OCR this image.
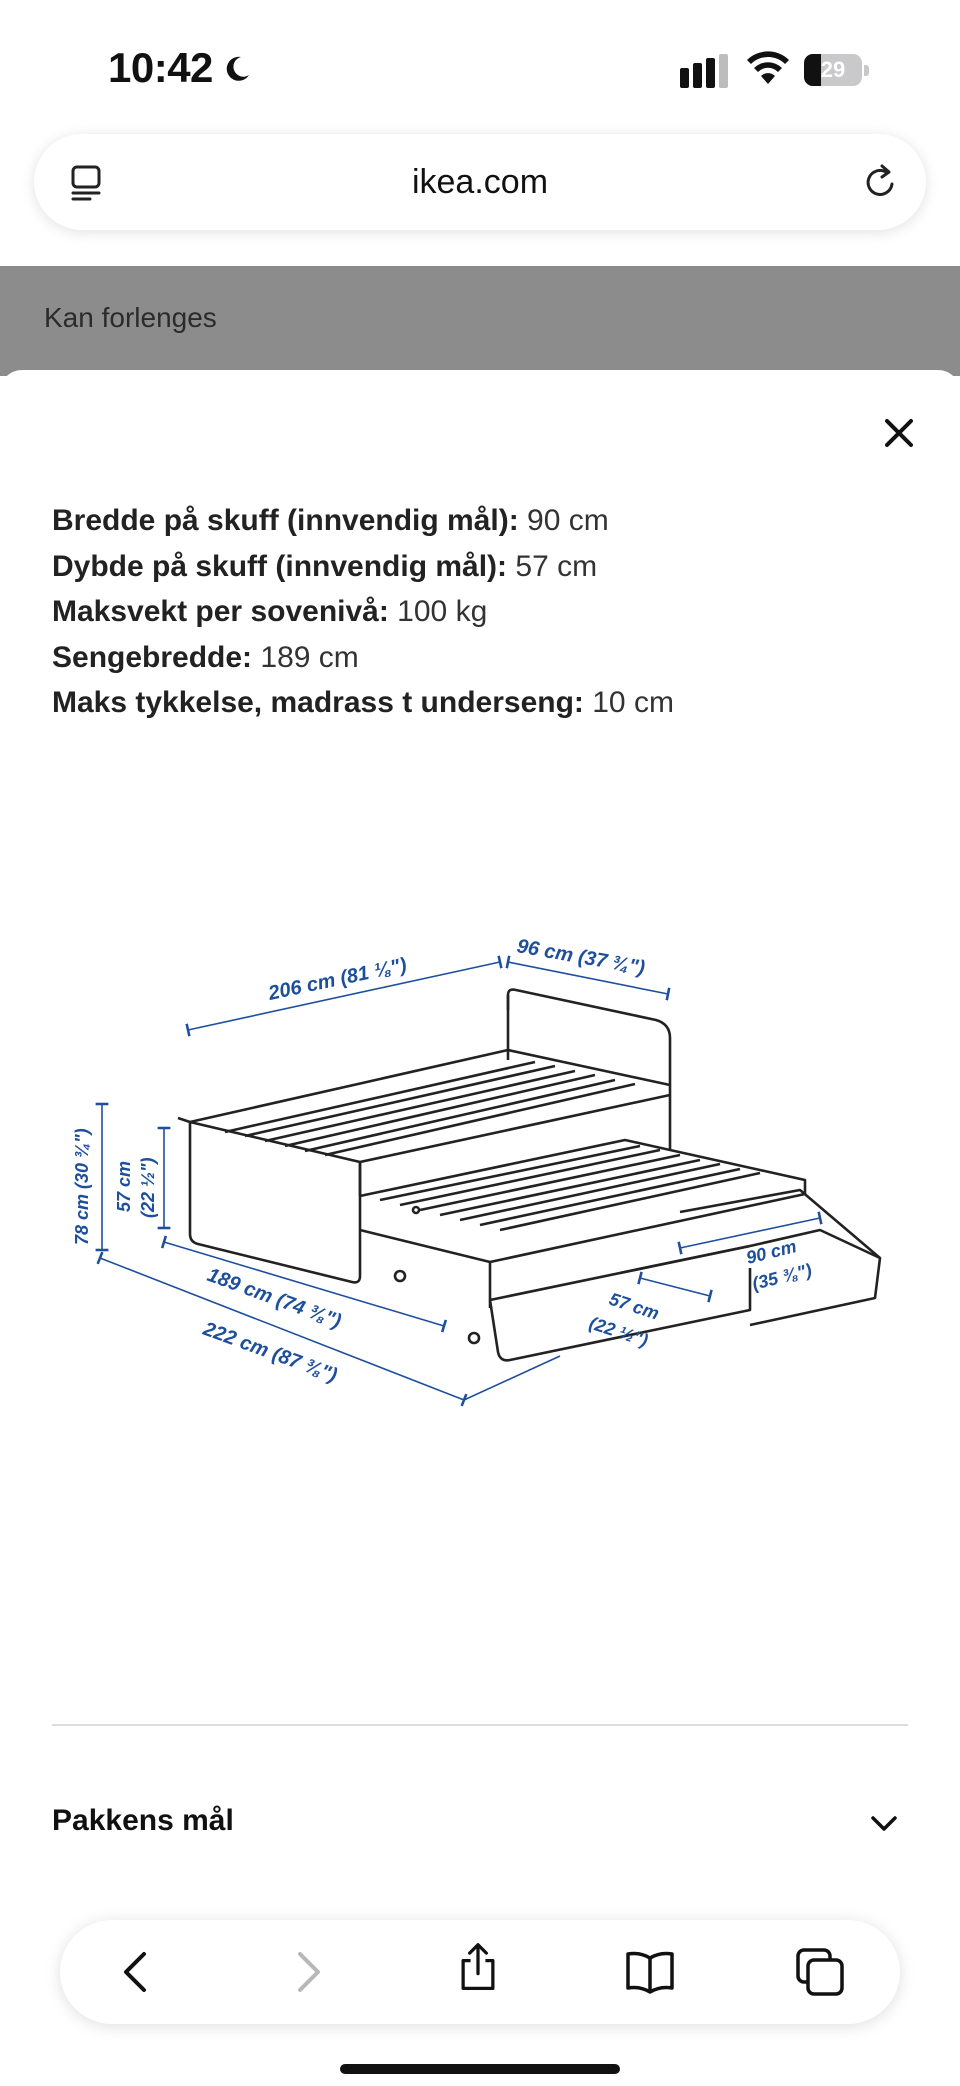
10:42	29
ikea.com
Kan forlenges
Bredde på skuff (innvendig mål): 90 cm
Dybde på skuff (innvendig mål): 57 cm
Maksvekt per sovenivå: 100 kg
Sengebredde: 189 cm
Maks tykkelse, madrass t underseng: 10 cm
96 cm (37 ¾")
206 cm (81 ⅛")
78 cm (30 ¾") 57 cm (22 ½")
189 cm (74 ⅜")
222 cm (87 ⅜")
90 cm
(35 ⅜")
57 cm
(22 ½")
Pakkens mål
